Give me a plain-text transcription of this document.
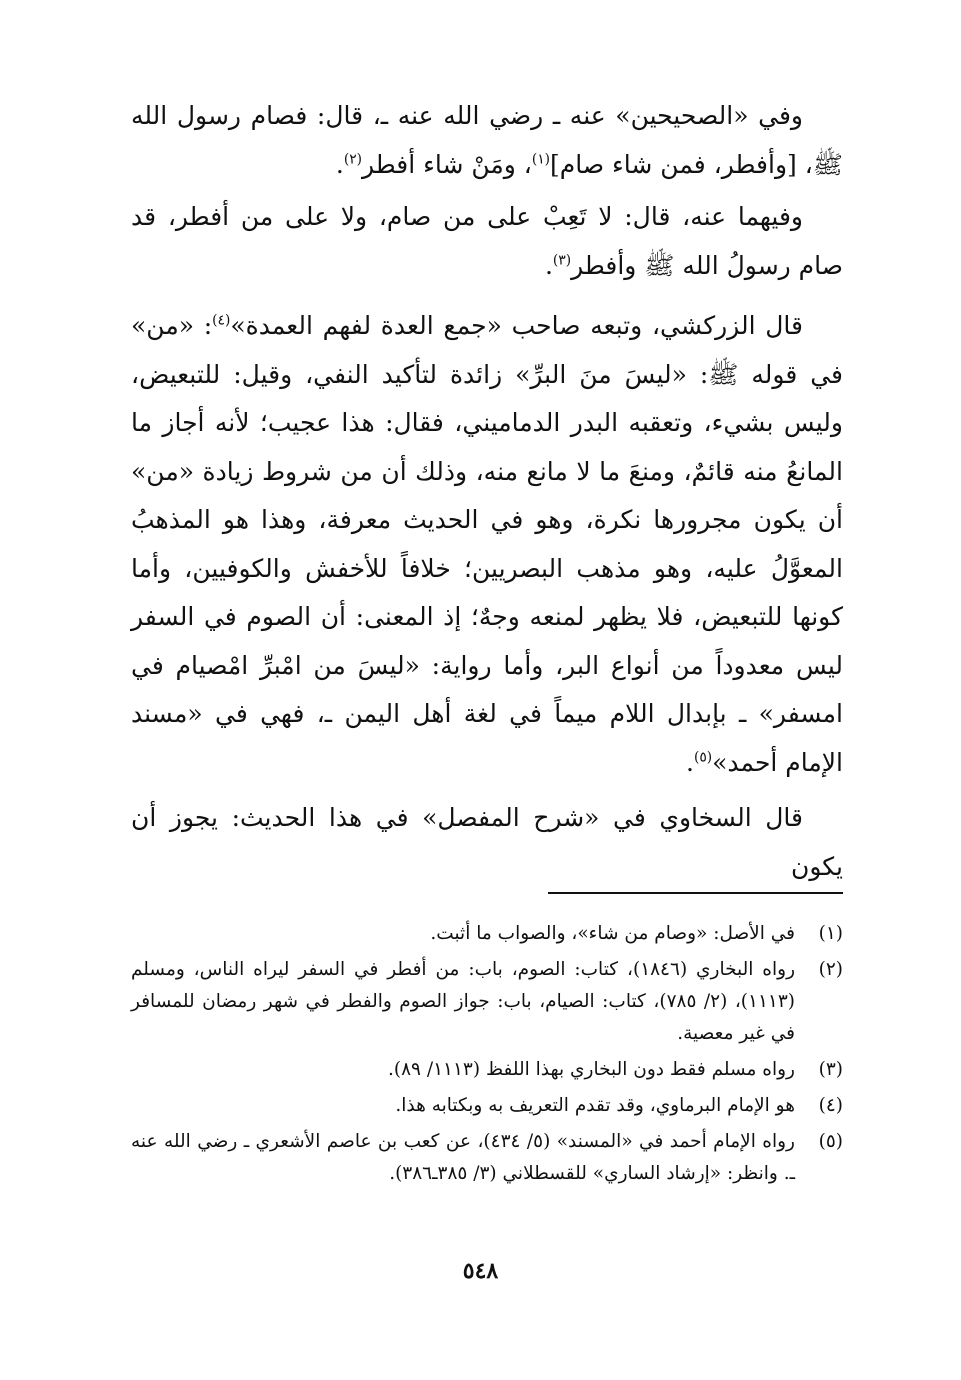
وفي «الصحيحين» عنه ـ رضي الله عنه ـ، قال: فصام رسول الله ﷺ، [وأفطر، فمن شاء صام]$^{(١)}$، ومَنْ شاء أفطر$^{(٢)}$.

وفيهما عنه، قال: لا تَعِبْ على من صام، ولا على من أفطر، قد صام رسولُ الله ﷺ وأفطر$^{(٣)}$.

قال الزركشي، وتبعه صاحب «جمع العدة لفهم العمدة»$^{(٤)}$: «من» في قوله ﷺ: «ليسَ منَ البرِّ» زائدة لتأكيد النفي، وقيل: للتبعيض، وليس بشيء، وتعقبه البدر الدماميني، فقال: هذا عجيب؛ لأنه أجاز ما المانعُ منه قائمٌ، ومنعَ ما لا مانع منه، وذلك أن من شروط زيادة «من» أن يكون مجرورها نكرة، وهو في الحديث معرفة، وهذا هو المذهبُ المعوَّلُ عليه، وهو مذهب البصريين؛ خلافاً للأخفش والكوفيين، وأما كونها للتبعيض، فلا يظهر لمنعه وجهٌ؛ إذ المعنى: أن الصوم في السفر ليس معدوداً من أنواع البر، وأما رواية: «ليسَ من امْبرِّ امْصيام في امسفر» ـ بإبدال اللام ميماً في لغة أهل اليمن ـ، فهي في «مسند الإمام أحمد»$^{(٥)}$.

قال السخاوي في «شرح المفصل» في هذا الحديث: يجوز أن يكون

(١)
في الأصل: «وصام من شاء»، والصواب ما أثبت.
(٢)
رواه البخاري (١٨٤٦)، كتاب: الصوم، باب: من أفطر في السفر ليراه الناس، ومسلم (١١١٣)، (٢/ ٧٨٥)، كتاب: الصيام، باب: جواز الصوم والفطر في شهر رمضان للمسافر في غير معصية.
(٣)
رواه مسلم فقط دون البخاري بهذا اللفظ (١١١٣/ ٨٩).
(٤)
هو الإمام البرماوي، وقد تقدم التعريف به وبكتابه هذا.
(٥)
رواه الإمام أحمد في «المسند» (٥/ ٤٣٤)، عن كعب بن عاصم الأشعري ـ رضي الله عنه ـ. وانظر: «إرشاد الساري» للقسطلاني (٣/ ٣٨٥ـ٣٨٦).
٥٤٨
